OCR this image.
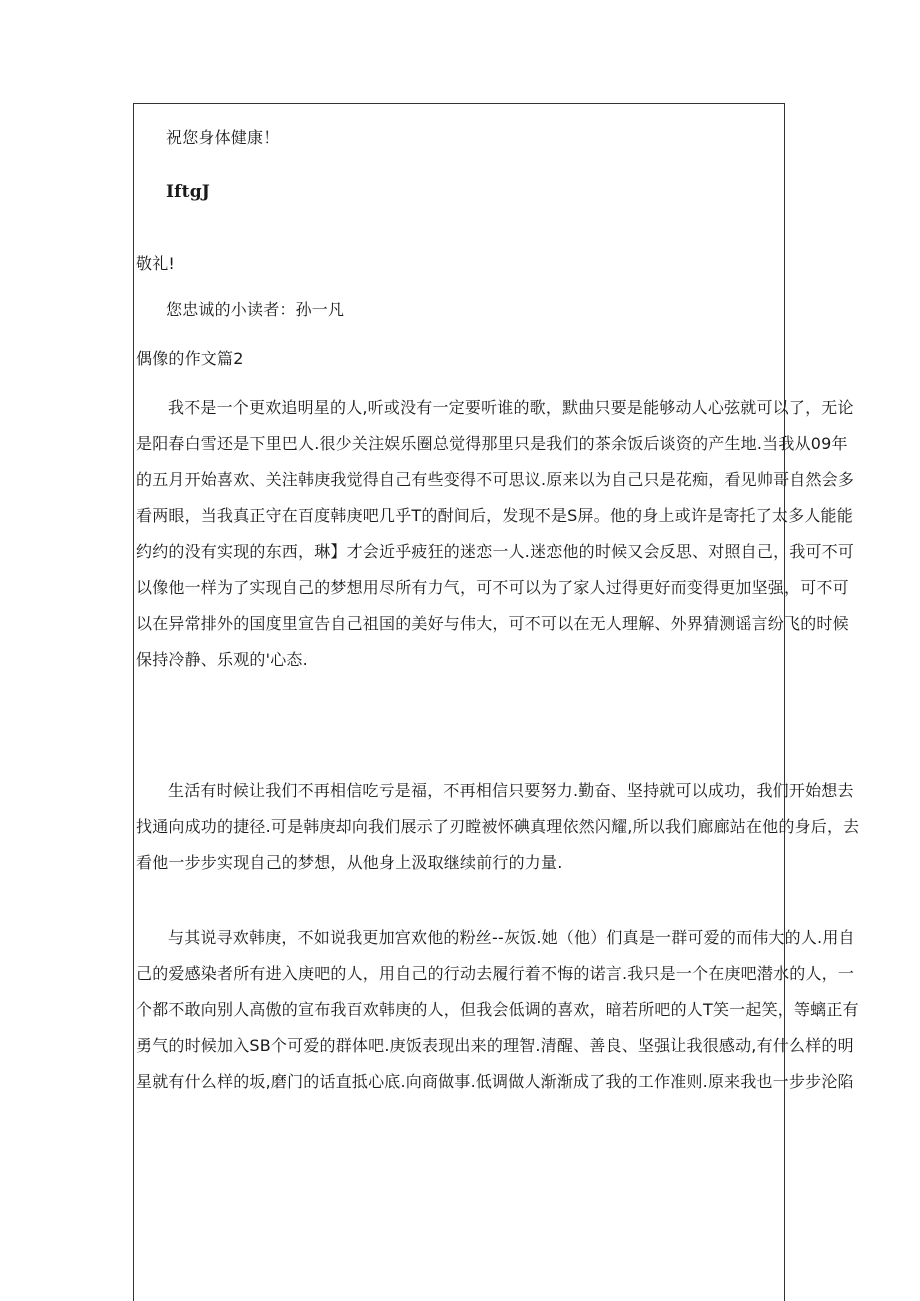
祝您身体健康！
IftgJ
敬礼!
您忠诚的小读者：孙一凡
偶像的作文篇2
我不是一个更欢追明星的人,听或没有一定要听谁的歌，默曲只要是能够动人心弦就可以了，无论
是阳春白雪还是下里巴人.很少关注娱乐圈总觉得那里只是我们的茶余饭后谈资的产生地.当我从09年
的五月开始喜欢、关注韩庚我觉得自己有些变得不可思议.原来以为自己只是花痴，看见帅哥自然会多
看两眼，当我真正守在百度韩庚吧几乎T的酎间后，发现不是S屏。他的身上或许是寄托了太多人能能
约约的没有实现的东西，琳】才会近乎疲狂的迷恋一人.迷恋他的时候又会反思、对照自己，我可不可
以像他一样为了实现自己的梦想用尽所有力气，可不可以为了家人过得更好而变得更加坚强，可不可
以在异常排外的国度里宣告自己祖国的美好与伟大，可不可以在无人理解、外界猜测谣言纷飞的时候
保持冷静、乐观的'心态.
生活有时候让我们不再相信吃亏是福，不再相信只要努力.勤奋、坚持就可以成功，我们开始想去
找通向成功的捷径.可是韩庚却向我们展示了刃瞠被怀碘真理依然闪耀,所以我们廊廊站在他的身后，去
看他一步步实现自己的梦想，从他身上汲取继续前行的力量.
与其说寻欢韩庚，不如说我更加宫欢他的粉丝--灰饭.她（他）们真是一群可爱的而伟大的人.用自
己的爱感染者所有进入庚吧的人，用自己的行动去履行着不悔的诺言.我只是一个在庚吧潜水的人，一
个都不敢向别人高傲的宣布我百欢韩庚的人，但我会低调的喜欢，暗若所吧的人T笑一起笑，等螭正有
勇气的时候加入SB个可爱的群体吧.庚饭表现出来的理智.清醒、善良、坚强让我很感动,有什么样的明
星就有什么样的坂,磨门的话直抵心底.向商做事.低调做人渐渐成了我的工作准则.原来我也一步步沦陷
